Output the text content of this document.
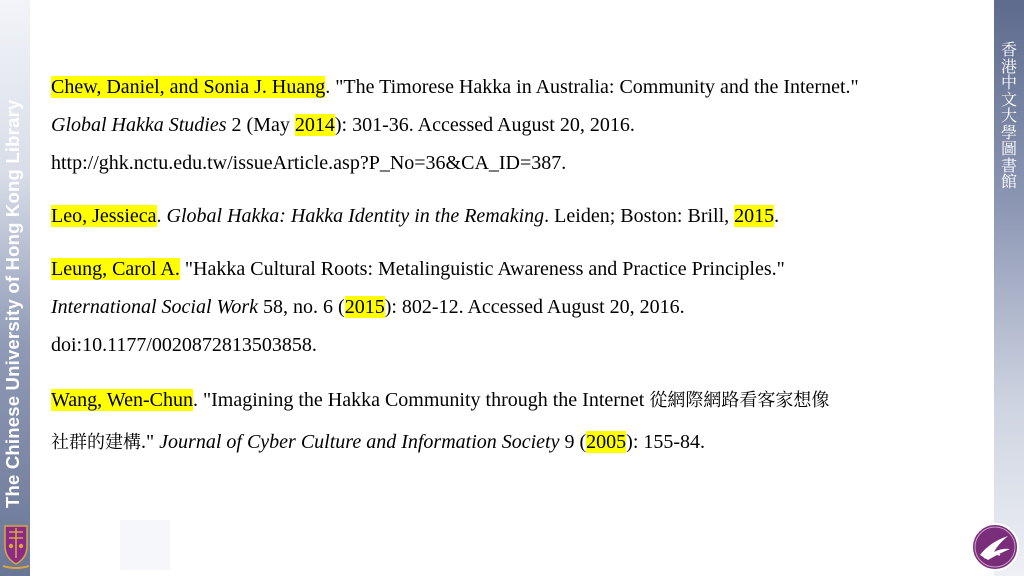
The Chinese University of Hong Kong Library
香港中文大學圖書館
Chew, Daniel, and Sonia J. Huang. "The Timorese Hakka in Australia: Community and the Internet."
Global Hakka Studies 2 (May 2014): 301-36. Accessed August 20, 2016.
http://ghk.nctu.edu.tw/issueArticle.asp?P_No=36&CA_ID=387.
Leo, Jessieca. Global Hakka: Hakka Identity in the Remaking. Leiden; Boston: Brill, 2015.
Leung, Carol A. "Hakka Cultural Roots: Metalinguistic Awareness and Practice Principles."
International Social Work 58, no. 6 (2015): 802-12. Accessed August 20, 2016.
doi:10.1177/0020872813503858.
Wang, Wen-Chun. "Imagining the Hakka Community through the Internet 從網際網路看客家想像
社群的建構." Journal of Cyber Culture and Information Society 9 (2005): 155-84.
